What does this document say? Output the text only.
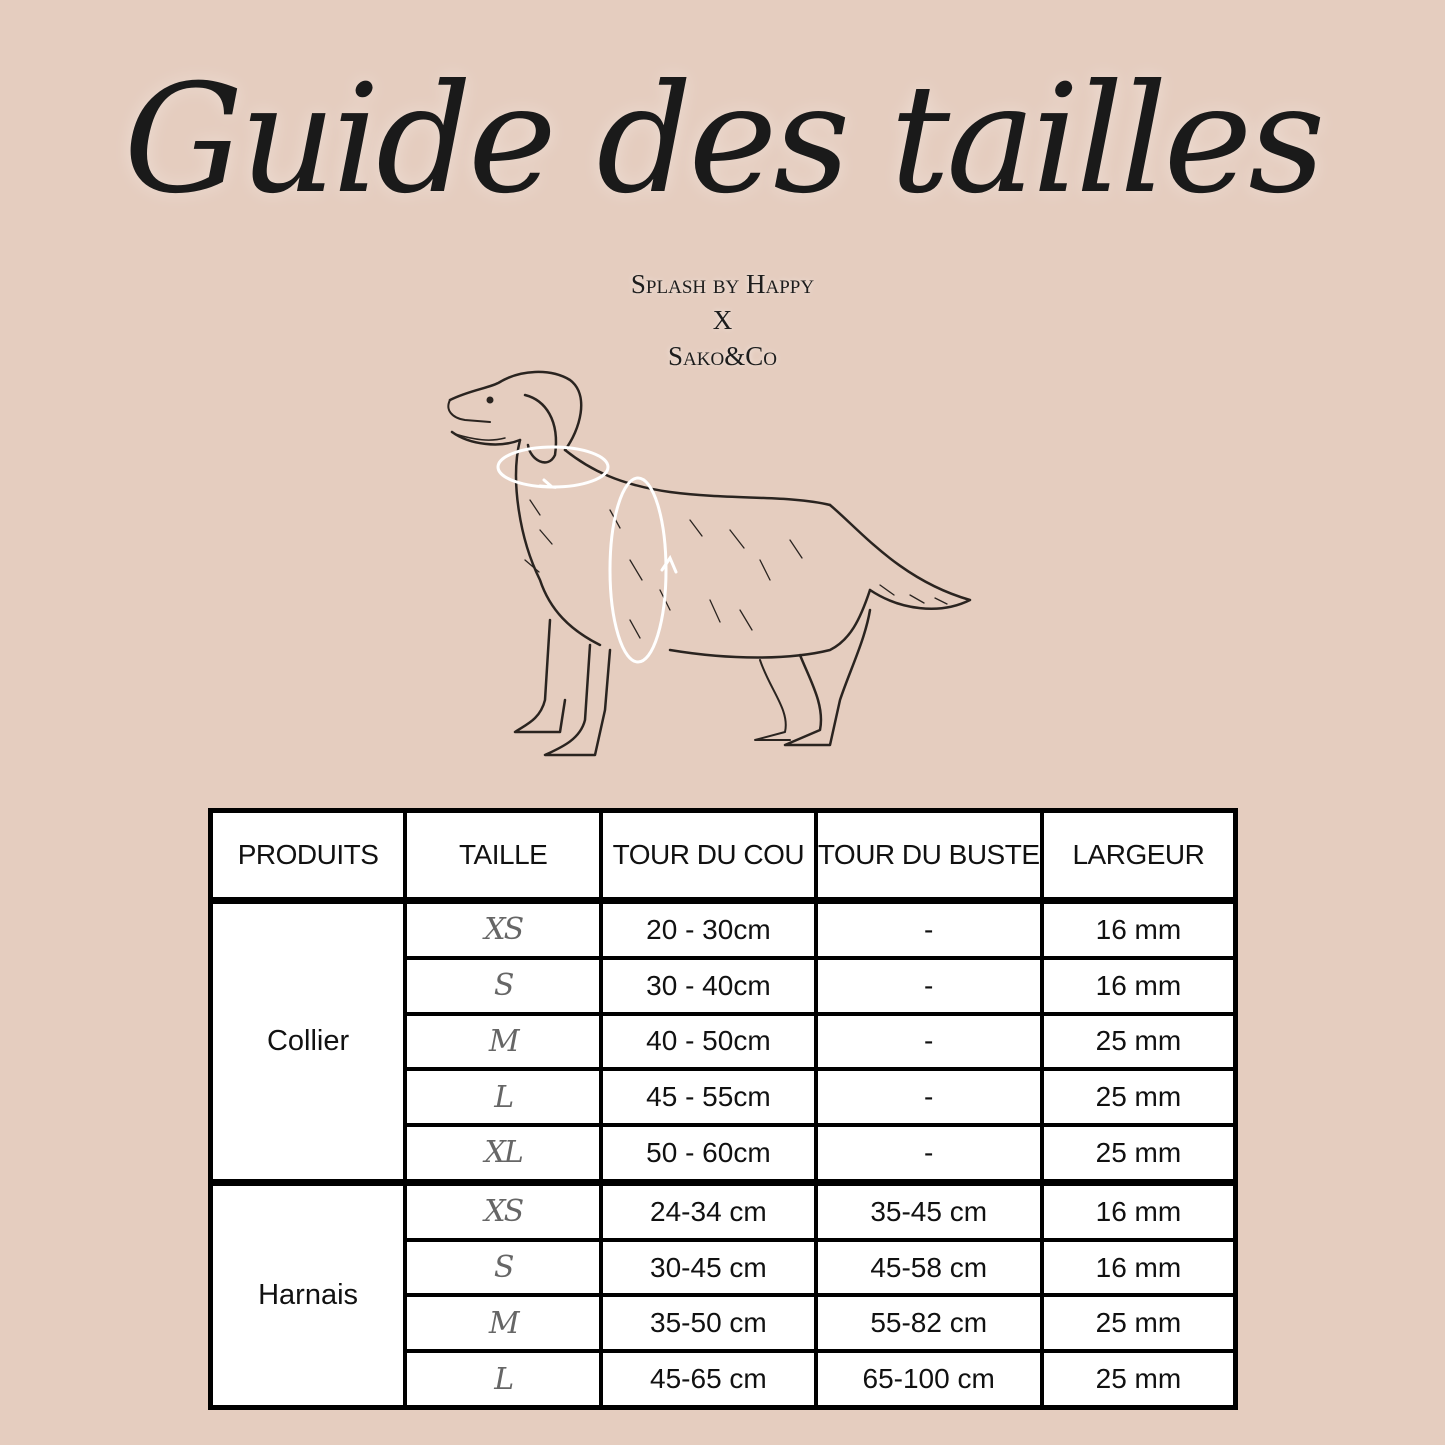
Guide des tailles
Splash by Happy
X
Sako&Co
PRODUITS	TAILLE	TOUR DU COU	TOUR DU BUSTE	LARGEUR
Collier	XS	20 - 30cm	-	16 mm
	S	30 - 40cm	-	16 mm
	M	40 - 50cm	-	25 mm
	L	45 - 55cm	-	25 mm
	XL	50 - 60cm	-	25 mm
Harnais	XS	24-34 cm	35-45 cm	16 mm
	S	30-45 cm	45-58 cm	16 mm
	M	35-50 cm	55-82 cm	25 mm
	L	45-65 cm	65-100 cm	25 mm
